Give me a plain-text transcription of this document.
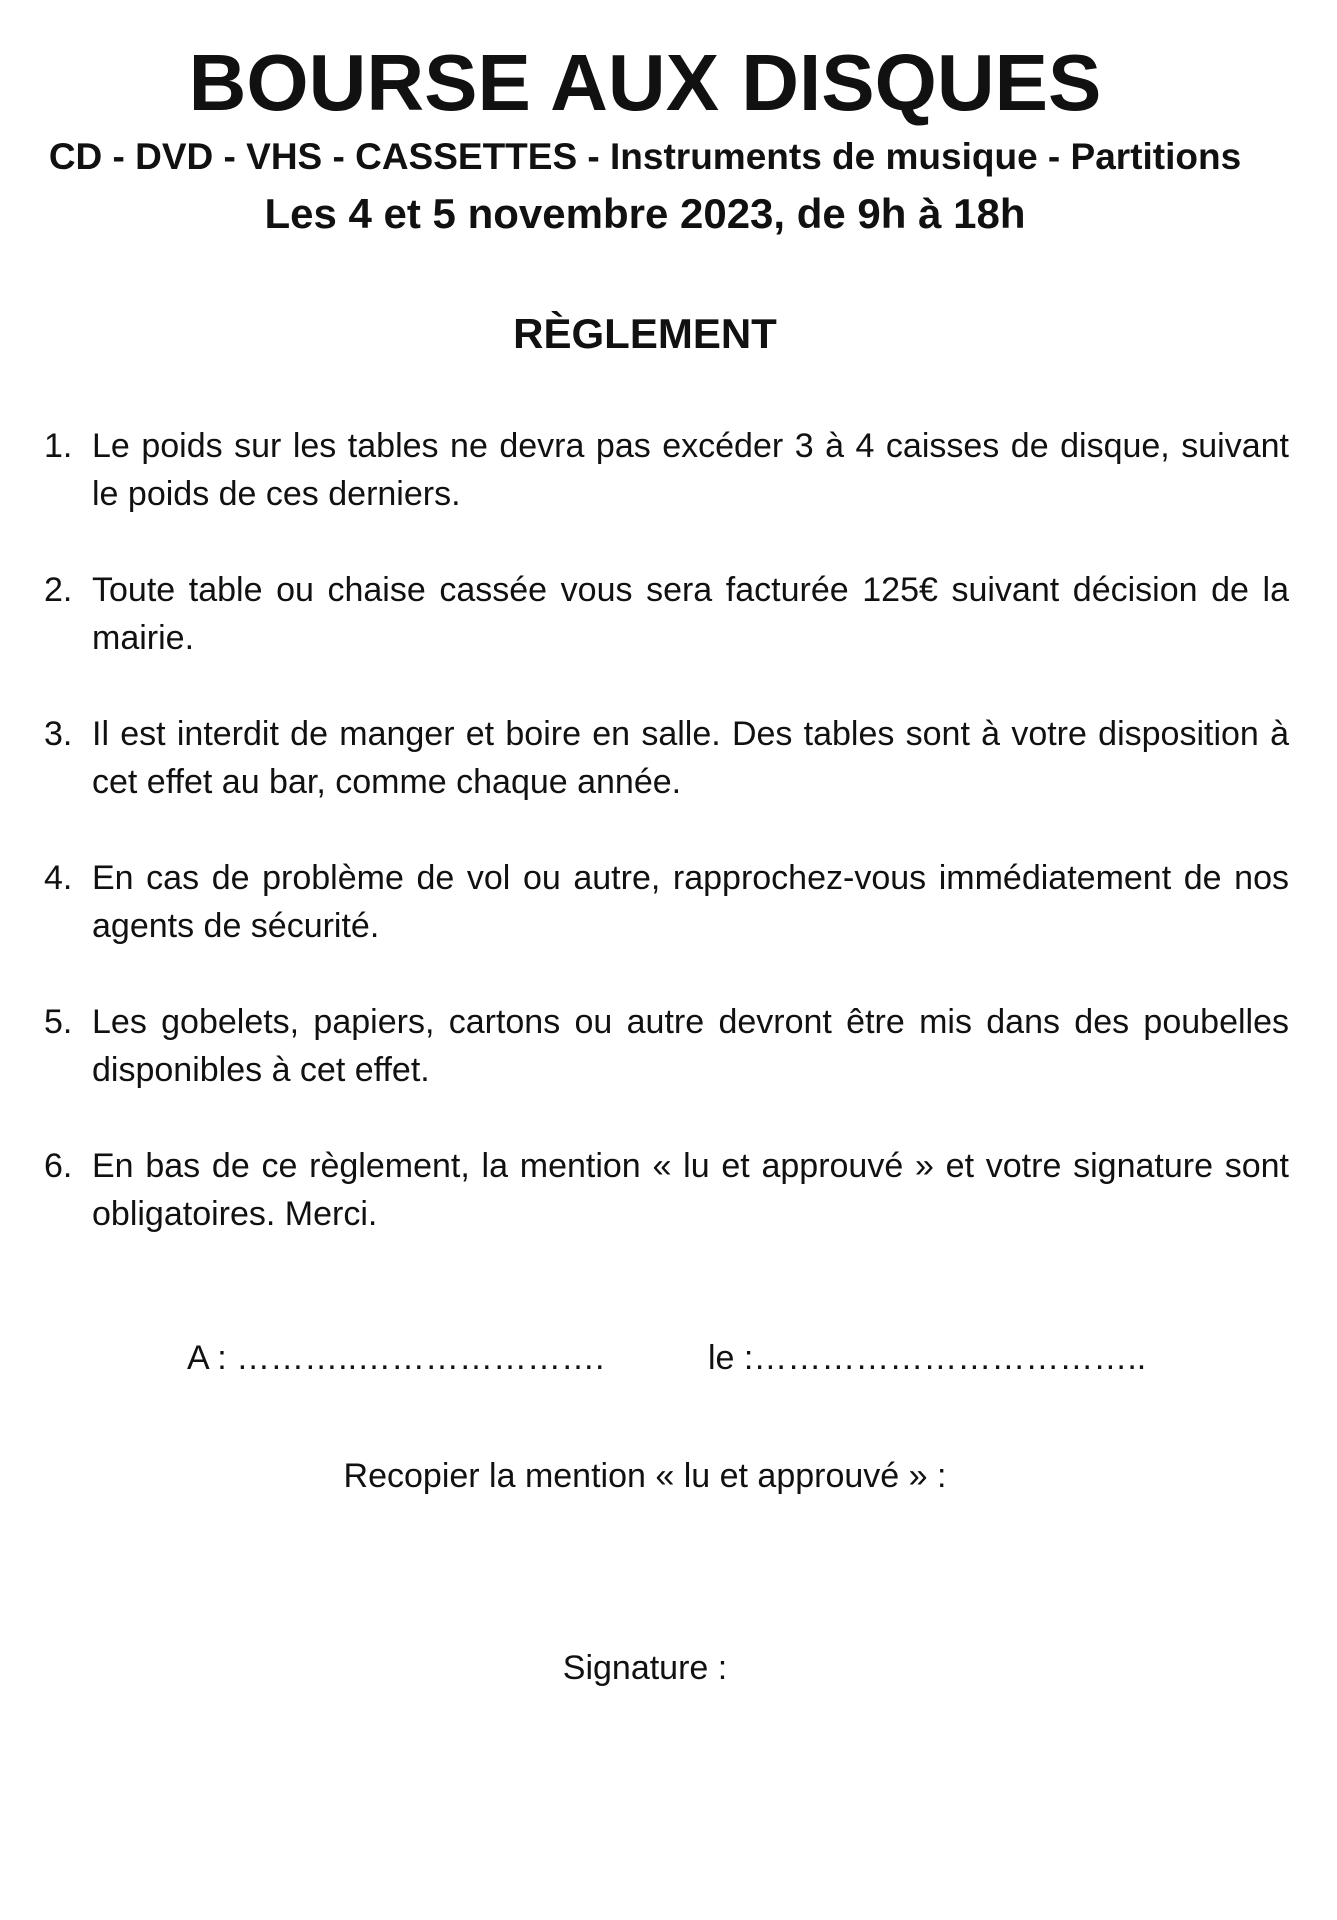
BOURSE AUX DISQUES
CD - DVD - VHS - CASSETTES - Instruments de musique - Partitions
Les 4 et 5 novembre 2023, de 9h à 18h
RÈGLEMENT
1. Le poids sur les tables ne devra pas excéder 3 à 4 caisses de disque, suivant le poids de ces derniers.
2. Toute table ou chaise cassée vous sera facturée 125€ suivant décision de la mairie.
3. Il est interdit de manger et boire en salle. Des tables sont à votre disposition à cet effet au bar, comme chaque année.
4. En cas de problème de vol ou autre, rapprochez-vous immédiatement de nos agents de sécurité.
5. Les gobelets, papiers, cartons ou autre devront être mis dans des poubelles disponibles à cet effet.
6. En bas de ce règlement, la mention « lu et approuvé » et votre signature sont obligatoires. Merci.
A : ………..………………….	le :……………………………..
Recopier la mention « lu et approuvé » :
Signature :
